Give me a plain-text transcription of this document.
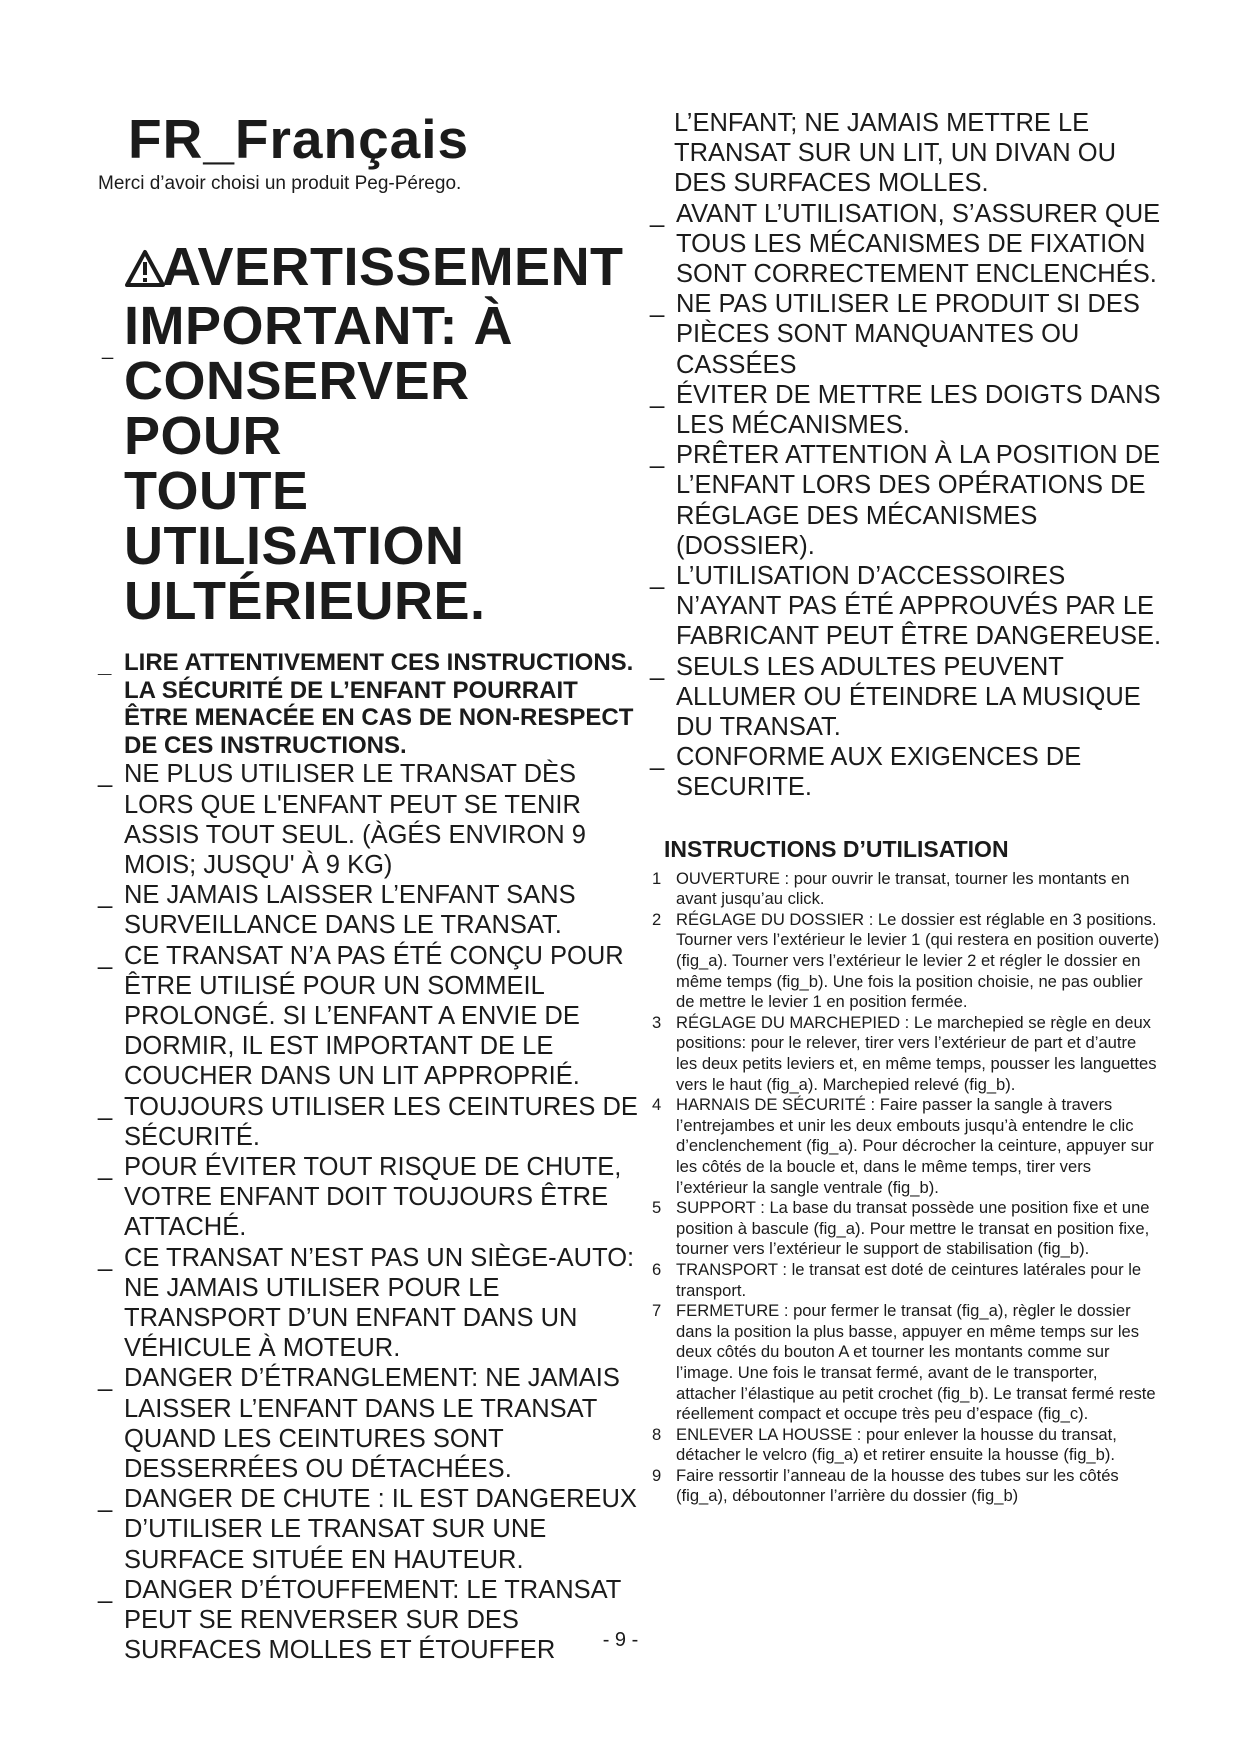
FR_Français
Merci d’avoir choisi un produit Peg-Pérego.
_
AVERTISSEMENT
IMPORTANT: À
CONSERVER POUR
TOUTE UTILISATION
ULTÉRIEURE.
_ LIRE ATTENTIVEMENT CES INSTRUCTIONS. LA SÉCURITÉ DE L’ENFANT POURRAIT ÊTRE MENACÉE EN CAS DE NON-RESPECT DE CES INSTRUCTIONS.
_ NE PLUS UTILISER LE TRANSAT DÈS LORS QUE L'ENFANT PEUT SE TENIR ASSIS TOUT SEUL. (ÀGÉS ENVIRON 9 MOIS; JUSQU' À 9 KG)
_ NE JAMAIS LAISSER L’ENFANT SANS SURVEILLANCE DANS LE TRANSAT.
_ CE TRANSAT N’A PAS ÉTÉ CONÇU POUR ÊTRE UTILISÉ POUR UN SOMMEIL PROLONGÉ. SI L’ENFANT A ENVIE DE DORMIR, IL EST IMPORTANT DE LE COUCHER DANS UN LIT APPROPRIÉ.
_ TOUJOURS UTILISER LES CEINTURES DE SÉCURITÉ.
_ POUR ÉVITER TOUT RISQUE DE CHUTE, VOTRE ENFANT DOIT TOUJOURS ÊTRE ATTACHÉ.
_ CE TRANSAT N’EST PAS UN SIÈGE-AUTO: NE JAMAIS UTILISER POUR LE TRANSPORT D’UN ENFANT DANS UN VÉHICULE À MOTEUR.
_ DANGER D’ÉTRANGLEMENT: NE JAMAIS LAISSER L’ENFANT DANS LE TRANSAT QUAND LES CEINTURES SONT DESSERRÉES OU DÉTACHÉES.
_ DANGER DE CHUTE : IL EST DANGEREUX D’UTILISER LE TRANSAT SUR UNE SURFACE SITUÉE EN HAUTEUR.
_ DANGER D’ÉTOUFFEMENT: LE TRANSAT PEUT SE RENVERSER SUR DES SURFACES MOLLES ET ÉTOUFFER
L’ENFANT; NE JAMAIS METTRE LE TRANSAT SUR UN LIT, UN DIVAN OU DES SURFACES MOLLES.
_ AVANT L’UTILISATION, S’ASSURER QUE TOUS LES MÉCANISMES DE FIXATION SONT CORRECTEMENT ENCLENCHÉS.
_ NE PAS UTILISER LE PRODUIT SI DES PIÈCES SONT MANQUANTES OU CASSÉES
_ ÉVITER DE METTRE LES DOIGTS DANS LES MÉCANISMES.
_ PRÊTER ATTENTION À LA POSITION DE L’ENFANT LORS DES OPÉRATIONS DE RÉGLAGE DES MÉCANISMES (DOSSIER).
_ L’UTILISATION D’ACCESSOIRES N’AYANT PAS ÉTÉ APPROUVÉS PAR LE FABRICANT PEUT ÊTRE DANGEREUSE.
_ SEULS LES ADULTES PEUVENT ALLUMER OU ÉTEINDRE LA MUSIQUE DU TRANSAT.
_ CONFORME AUX EXIGENCES DE SECURITE.
INSTRUCTIONS D’UTILISATION
1 OUVERTURE : pour ouvrir le transat, tourner les montants en avant jusqu’au click.
2 RÉGLAGE DU DOSSIER : Le dossier est réglable en 3 positions. Tourner vers l’extérieur le levier 1 (qui restera en position ouverte) (fig_a). Tourner vers l’extérieur le levier 2 et régler le dossier en même temps (fig_b). Une fois la position choisie, ne pas oublier de mettre le levier 1 en position fermée.
3 RÉGLAGE DU MARCHEPIED : Le marchepied se règle en deux positions: pour le relever, tirer vers l’extérieur de part et d’autre les deux petits leviers et, en même temps, pousser les languettes vers le haut (fig_a). Marchepied relevé (fig_b).
4 HARNAIS DE SÉCURITÉ : Faire passer la sangle à travers l’entrejambes et unir les deux embouts jusqu’à entendre le clic d’enclenchement (fig_a). Pour décrocher la ceinture, appuyer sur les côtés de la boucle et, dans le même temps, tirer vers l’extérieur la sangle ventrale (fig_b).
5 SUPPORT : La base du transat possède une position fixe et une position à bascule (fig_a). Pour mettre le transat en position fixe, tourner vers l’extérieur le support de stabilisation (fig_b).
6 TRANSPORT : le transat est doté de ceintures latérales pour le transport.
7 FERMETURE : pour fermer le transat (fig_a), règler le dossier dans la position la plus basse, appuyer en même temps sur les deux côtés du bouton A et tourner les montants comme sur l’image. Une fois le transat fermé, avant de le transporter, attacher l’élastique au petit crochet (fig_b). Le transat fermé reste réellement compact et occupe très peu d’espace (fig_c).
8 ENLEVER LA HOUSSE : pour enlever la housse du transat, détacher le velcro (fig_a) et retirer ensuite la housse (fig_b).
9 Faire ressortir l’anneau de la housse des tubes sur les côtés (fig_a), déboutonner l’arrière du dossier (fig_b)
- 9 -
